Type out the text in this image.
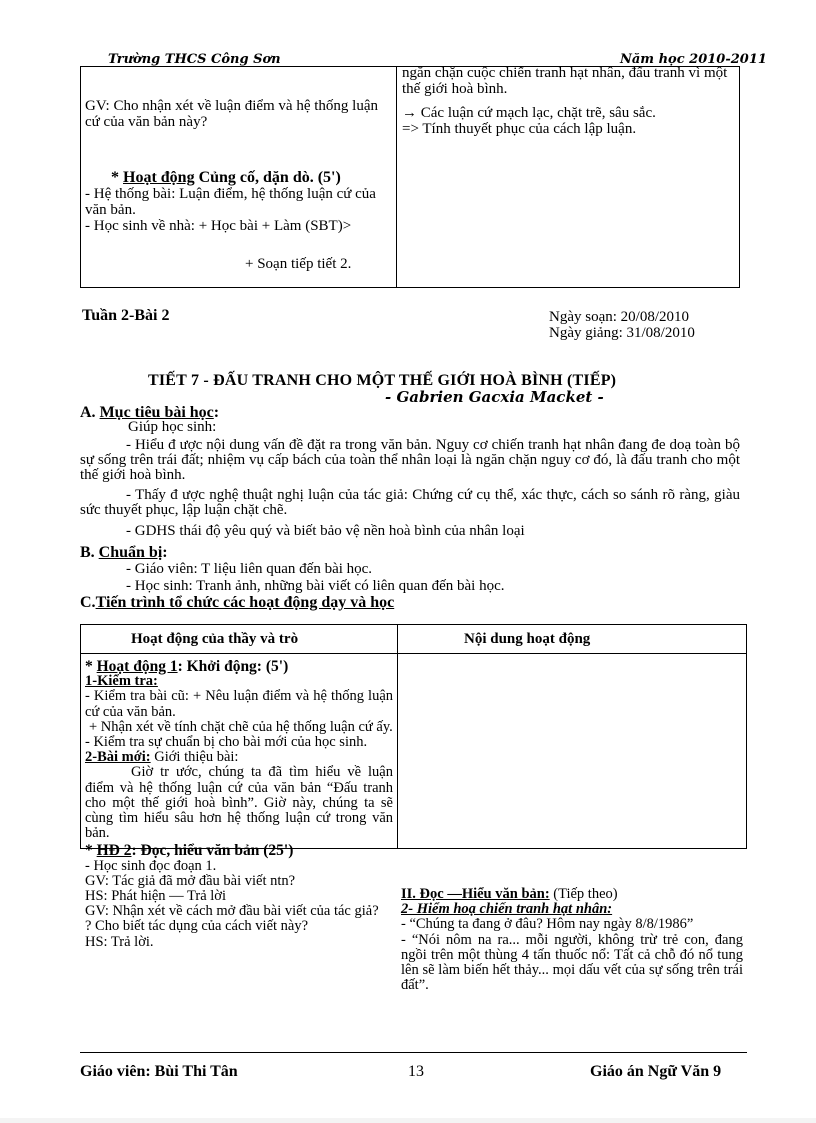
Trường THCS Công Sơn	Năm học 2010-2011
GV: Cho nhận xét về luận điểm và hệ thống luận cứ của văn bản này?
* Hoạt động Củng cố, dặn dò. (5')
- Hệ thống bài: Luận điểm, hệ thống luận cứ của văn bản.
- Học sinh về nhà: + Học bài + Làm (SBT)>
+ Soạn tiếp tiết 2.
ngăn chặn cuộc chiến tranh hạt nhân, đấu tranh vì một thế giới hoà bình.
→ Các luận cứ mạch lạc, chặt trẽ, sâu sắc.
=> Tính thuyết phục của cách lập luận.
Tuần 2-Bài 2	Ngày soạn: 20/08/2010
Ngày giảng: 31/08/2010
TIẾT 7 - ĐẤU TRANH CHO MỘT THẾ GIỚI HOÀ BÌNH (TIẾP)
- Gabrien Gacxia Macket -
A. Mục tiêu bài học:
Giúp học sinh:
- Hiểu đ ược nội dung vấn đề đặt ra trong văn bản. Nguy cơ chiến tranh hạt nhân đang đe doạ toàn bộ sự sống trên trái đất; nhiệm vụ cấp bách của toàn thể nhân loại là ngăn chặn nguy cơ đó, là đấu tranh cho một thế giới hoà bình.
- Thấy đ ược nghệ thuật nghị luận của tác giả: Chứng cứ cụ thể, xác thực, cách so sánh rõ ràng, giàu sức thuyết phục, lập luận chặt chẽ.
- GDHS thái độ yêu quý và biết bảo vệ nền hoà bình của nhân loại
B. Chuẩn bị:
- Giáo viên: T liệu liên quan đến bài học.
- Học sinh: Tranh ảnh, những bài viết có liên quan đến bài học.
C.Tiến trình tổ chức các hoạt động dạy và học
Hoạt động của thầy và trò	Nội dung hoạt động
* Hoạt động 1: Khởi động: (5')
1-Kiểm tra:
- Kiểm tra bài cũ: + Nêu luận điểm và hệ thống luận cứ của văn bản.
+ Nhận xét về tính chặt chẽ của hệ thống luận cứ ấy.
- Kiểm tra sự chuẩn bị cho bài mới của học sinh.
2-Bài mới: Giới thiệu bài:
Giờ tr ước, chúng ta đã tìm hiểu về luận điểm và hệ thống luận cứ của văn bản “Đấu tranh cho một thế giới hoà bình”. Giờ này, chúng ta sẽ cùng tìm hiểu sâu hơn hệ thống luận cứ trong văn bản.
* HĐ 2: Đọc, hiểu văn bản (25')
- Học sinh đọc đoạn 1.
GV: Tác giả đã mở đầu bài viết ntn?
HS: Phát hiện — Trả lời
GV: Nhận xét về cách mở đầu bài viết của tác giả?
? Cho biết tác dụng của cách viết này?
HS: Trả lời.
II. Đọc —Hiểu văn bản: (Tiếp theo)
2- Hiểm hoạ chiến tranh hạt nhân:
- “Chúng ta đang ở đâu? Hôm nay ngày 8/8/1986”
- “Nói nôm na ra... mỗi người, không trừ trẻ con, đang ngồi trên một thùng 4 tấn thuốc nổ: Tất cả chỗ đó nổ tung lên sẽ làm biến hết thảy... mọi dấu vết của sự sống trên trái đất”.
Giáo viên: Bùi Thi Tân	13	Giáo án Ngữ Văn 9
